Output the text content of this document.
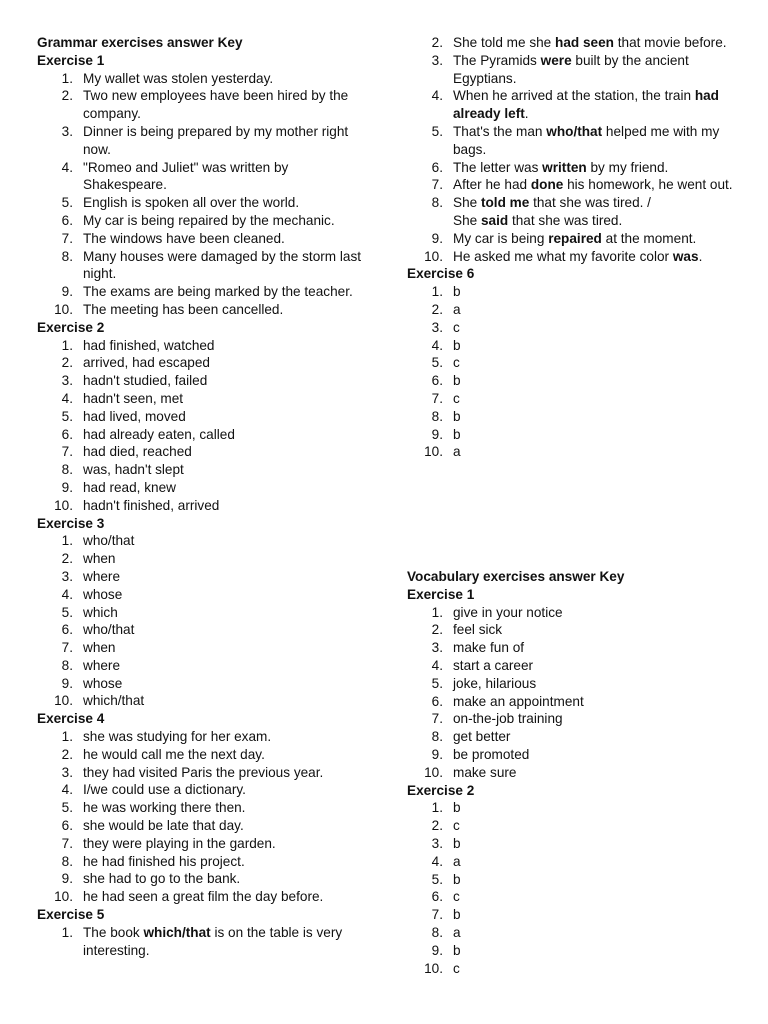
Grammar exercises answer Key
Exercise 1
1. My wallet was stolen yesterday.
2. Two new employees have been hired by the company.
3. Dinner is being prepared by my mother right now.
4. "Romeo and Juliet" was written by Shakespeare.
5. English is spoken all over the world.
6. My car is being repaired by the mechanic.
7. The windows have been cleaned.
8. Many houses were damaged by the storm last night.
9. The exams are being marked by the teacher.
10. The meeting has been cancelled.
Exercise 2
1. had finished, watched
2. arrived, had escaped
3. hadn't studied, failed
4. hadn't seen, met
5. had lived, moved
6. had already eaten, called
7. had died, reached
8. was, hadn't slept
9. had read, knew
10. hadn't finished, arrived
Exercise 3
1. who/that
2. when
3. where
4. whose
5. which
6. who/that
7. when
8. where
9. whose
10. which/that
Exercise 4
1. she was studying for her exam.
2. he would call me the next day.
3. they had visited Paris the previous year.
4. I/we could use a dictionary.
5. he was working there then.
6. she would be late that day.
7. they were playing in the garden.
8. he had finished his project.
9. she had to go to the bank.
10. he had seen a great film the day before.
Exercise 5
1. The book which/that is on the table is very interesting.
2. She told me she had seen that movie before.
3. The Pyramids were built by the ancient Egyptians.
4. When he arrived at the station, the train had already left.
5. That's the man who/that helped me with my bags.
6. The letter was written by my friend.
7. After he had done his homework, he went out.
8. She told me that she was tired. /
She said that she was tired.
9. My car is being repaired at the moment.
10. He asked me what my favorite color was.
Exercise 6
1. b
2. a
3. c
4. b
5. c
6. b
7. c
8. b
9. b
10. a
Vocabulary exercises answer Key
Exercise 1
1. give in your notice
2. feel sick
3. make fun of
4. start a career
5. joke, hilarious
6. make an appointment
7. on-the-job training
8. get better
9. be promoted
10. make sure
Exercise 2
1. b
2. c
3. b
4. a
5. b
6. c
7. b
8. a
9. b
10. c
